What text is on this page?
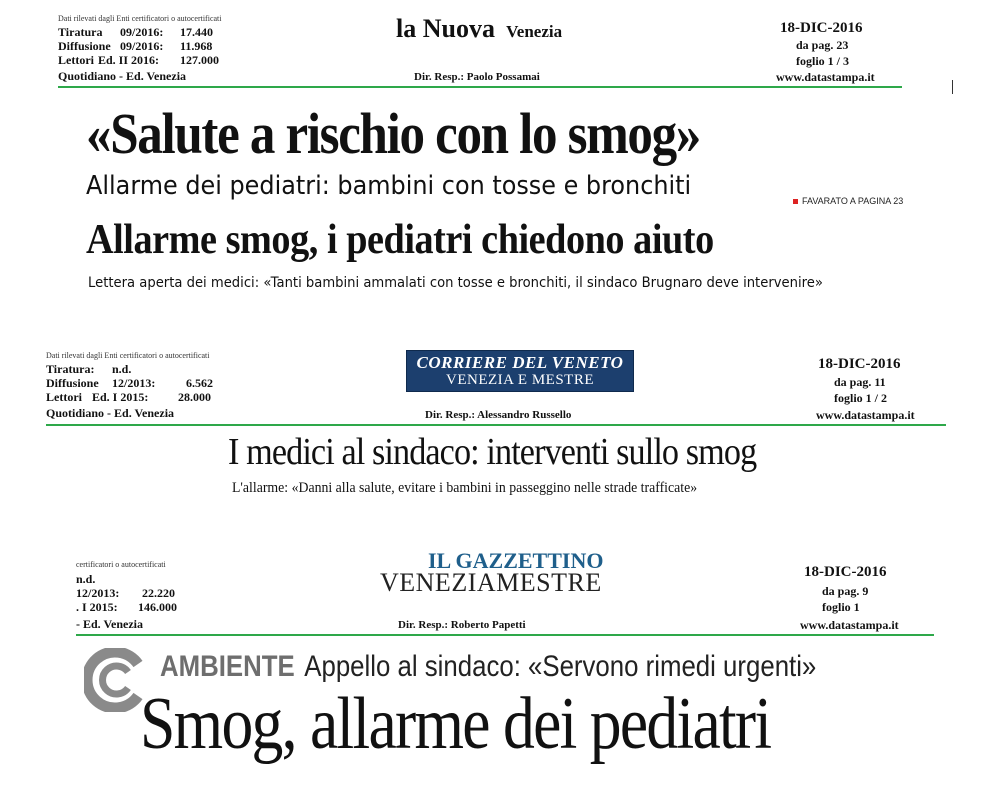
Dati rilevati dagli Enti certificatori o autocertificati
Tiratura 09/2016: 17.440
Diffusione 09/2016: 11.968
Lettori Ed. II 2016: 127.000
Quotidiano - Ed. Venezia
la Nuova Venezia
Dir. Resp.: Paolo Possamai
18-DIC-2016
da pag. 23
foglio 1 / 3
www.datastampa.it
«Salute a rischio con lo smog»
Allarme dei pediatri: bambini con tosse e bronchiti	FAVARATO A PAGINA 23
Allarme smog, i pediatri chiedono aiuto
Lettera aperta dei medici: «Tanti bambini ammalati con tosse e bronchiti, il sindaco Brugnaro deve intervenire»
Dati rilevati dagli Enti certificatori o autocertificati
Tiratura: n.d.
Diffusione 12/2013:	6.562
Lettori Ed. I 2015: 28.000
Quotidiano - Ed. Venezia
CORRIERE DEL VENETO
VENEZIA E MESTRE
Dir. Resp.: Alessandro Russello
18-DIC-2016
da pag. 11
foglio 1 / 2
www.datastampa.it
I medici al sindaco: interventi sullo smog
L'allarme: «Danni alla salute, evitare i bambini in passeggino nelle strade trafficate»
certificatori o autocertificati
n.d.
12/2013: 22.220
. I 2015: 146.000
- Ed. Venezia
IL GAZZETTINO
VENEZIAMESTRE
Dir. Resp.: Roberto Papetti
18-DIC-2016
da pag. 9
foglio 1
www.datastampa.it
AMBIENTE Appello al sindaco: «Servono rimedi urgenti»
Smog, allarme dei pediatri
